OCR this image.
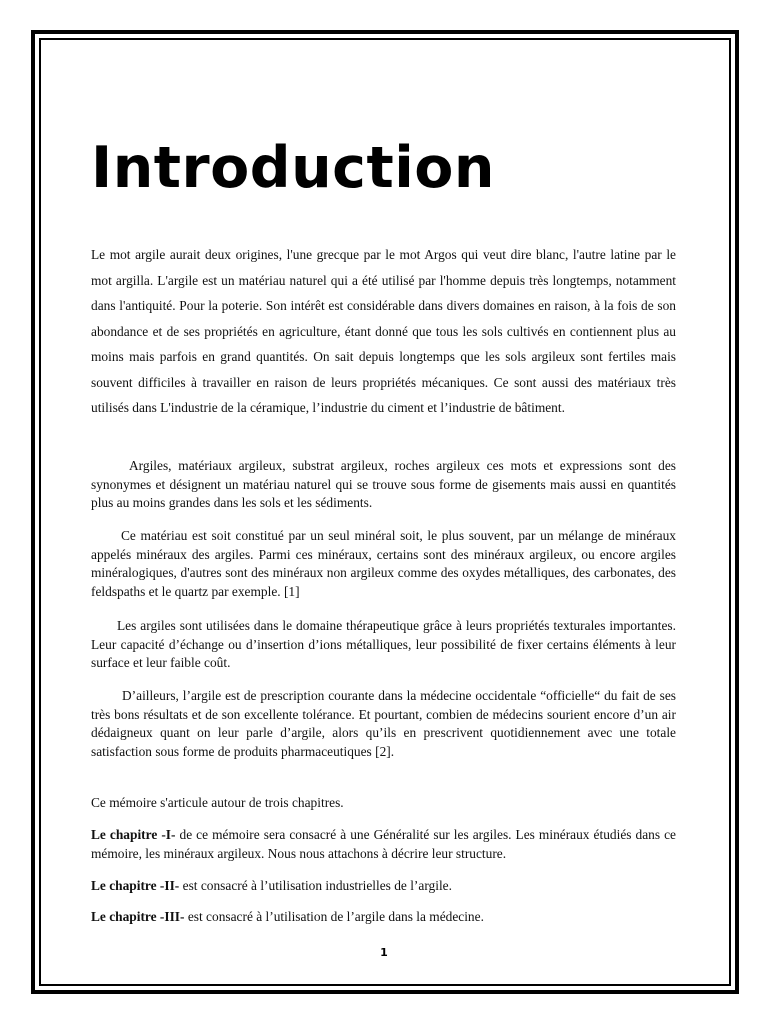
Introduction

Le mot argile aurait deux origines, l'une grecque par le mot Argos qui veut dire blanc, l'autre latine par le mot argilla. L'argile est un matériau naturel qui a été utilisé par l'homme depuis très longtemps, notamment dans l'antiquité. Pour la poterie. Son intérêt est considérable dans divers domaines en raison, à la fois de son abondance et de ses propriétés en agriculture, étant donné que tous les sols cultivés en contiennent plus au moins mais parfois en grand quantités. On sait depuis longtemps que les sols argileux sont fertiles mais souvent difficiles à travailler en raison de leurs propriétés mécaniques. Ce sont aussi des matériaux très utilisés dans L'industrie de la céramique, l’industrie du ciment et l’industrie de bâtiment.

Argiles, matériaux argileux, substrat argileux, roches argileux ces mots et expressions sont des synonymes et désignent un matériau naturel qui se trouve sous forme de gisements mais aussi en quantités plus au moins grandes dans les sols et les sédiments.

Ce matériau est soit constitué par un seul minéral soit, le plus souvent, par un mélange de minéraux appelés minéraux des argiles. Parmi ces minéraux, certains sont des minéraux argileux, ou encore argiles minéralogiques, d'autres sont des minéraux non argileux comme des oxydes métalliques, des carbonates, des feldspaths et le quartz par exemple. [1]

Les argiles sont utilisées dans le domaine thérapeutique grâce à leurs propriétés texturales importantes. Leur capacité d’échange ou d’insertion d’ions métalliques, leur possibilité de fixer certains éléments à leur surface et leur faible coût.

D’ailleurs, l’argile est de prescription courante dans la médecine occidentale “officielle“ du fait de ses très bons résultats et de son excellente tolérance. Et pourtant, combien de médecins sourient encore d’un air dédaigneux quant on leur parle d’argile, alors qu’ils en prescrivent quotidiennement avec une totale satisfaction sous forme de produits pharmaceutiques [2].

Ce mémoire s'articule autour de trois chapitres.

Le chapitre -I- de ce mémoire sera consacré à une Généralité sur les argiles. Les minéraux étudiés dans ce mémoire, les minéraux argileux. Nous nous attachons à décrire leur structure.

Le chapitre -II- est consacré à l’utilisation industrielles de l’argile.

Le chapitre -III- est consacré à l’utilisation de l’argile dans la médecine.

1
